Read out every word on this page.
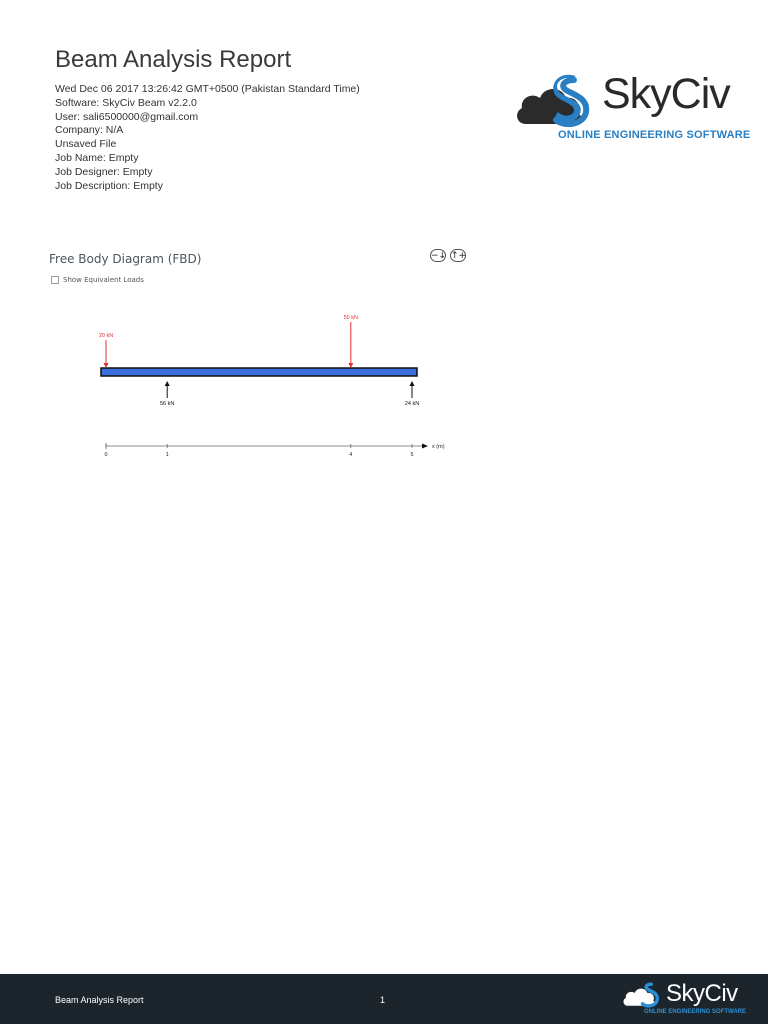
Beam Analysis Report
Wed Dec 06 2017 13:26:42 GMT+0500 (Pakistan Standard Time)
Software: SkyCiv Beam v2.2.0
User: sali6500000@gmail.com
Company: N/A
Unsaved File
Job Name: Empty
Job Designer: Empty
Job Description: Empty
SkyCiv
ONLINE ENGINEERING SOFTWARE
Free Body Diagram (FBD)	−↓ ↑+
Show Equivalent Loads
20 kN
50 kN
56 kN	24 kN
0	1	4	5
x (m)
Beam Analysis Report	1	SkyCiv
ONLINE ENGINEERING SOFTWARE
